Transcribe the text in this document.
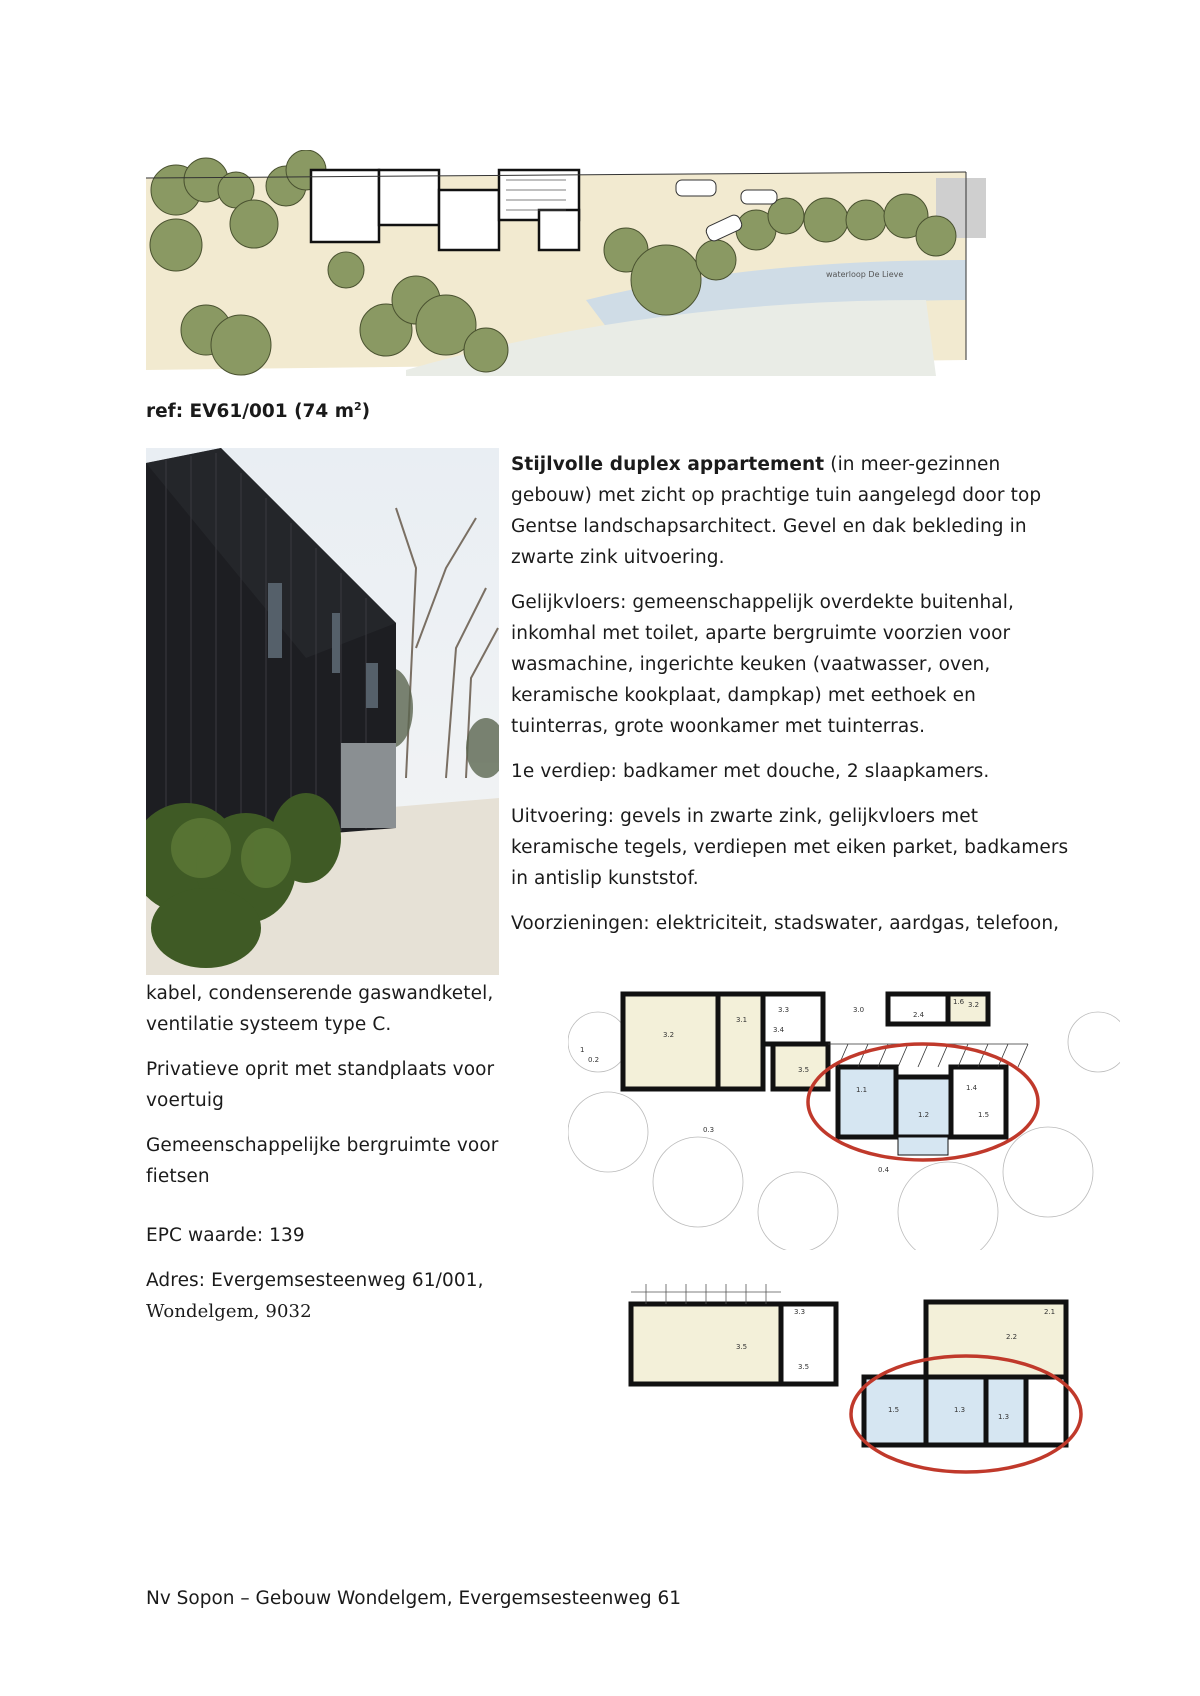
waterloop De Lieve
ref: EV61/001 (74 $m^2$)

Stijlvolle duplex appartement (in meer-gezinnen gebouw) met zicht op prachtige tuin aangelegd door top Gentse landschapsarchitect. Gevel en dak bekleding in zwarte zink uitvoering.

Gelijkvloers: gemeenschappelijk overdekte buitenhal, inkomhal met toilet, aparte bergruimte voorzien voor wasmachine, ingerichte keuken (vaatwasser, oven, keramische kookplaat, dampkap) met eethoek en tuinterras, grote woonkamer met tuinterras.

1e verdiep: badkamer met douche, 2 slaapkamers.

Uitvoering: gevels in zwarte zink, gelijkvloers met keramische tegels, verdiepen met eiken parket, badkamers in antislip kunststof.

Voorzieningen: elektriciteit, stadswater, aardgas, telefoon,

kabel, condenserende gaswandketel, ventilatie systeem type C.

Privatieve oprit met standplaats voor voertuig

Gemeenschappelijke bergruimte voor fietsen

EPC waarde: 139

Adres: Evergemsesteenweg 61/001,

Wondelgem, 9032

3.2
3.1
3.3
3.4
3.5
3.0
2.4
1.6 3.2
1.1
1.2
1.4
1.5
0.3
0.4
0.2
1
3.5
3.3
3.5
2.1
2.2
1.5	1.3
1.3
Nv Sopon – Gebouw Wondelgem, Evergemsesteenweg 61
